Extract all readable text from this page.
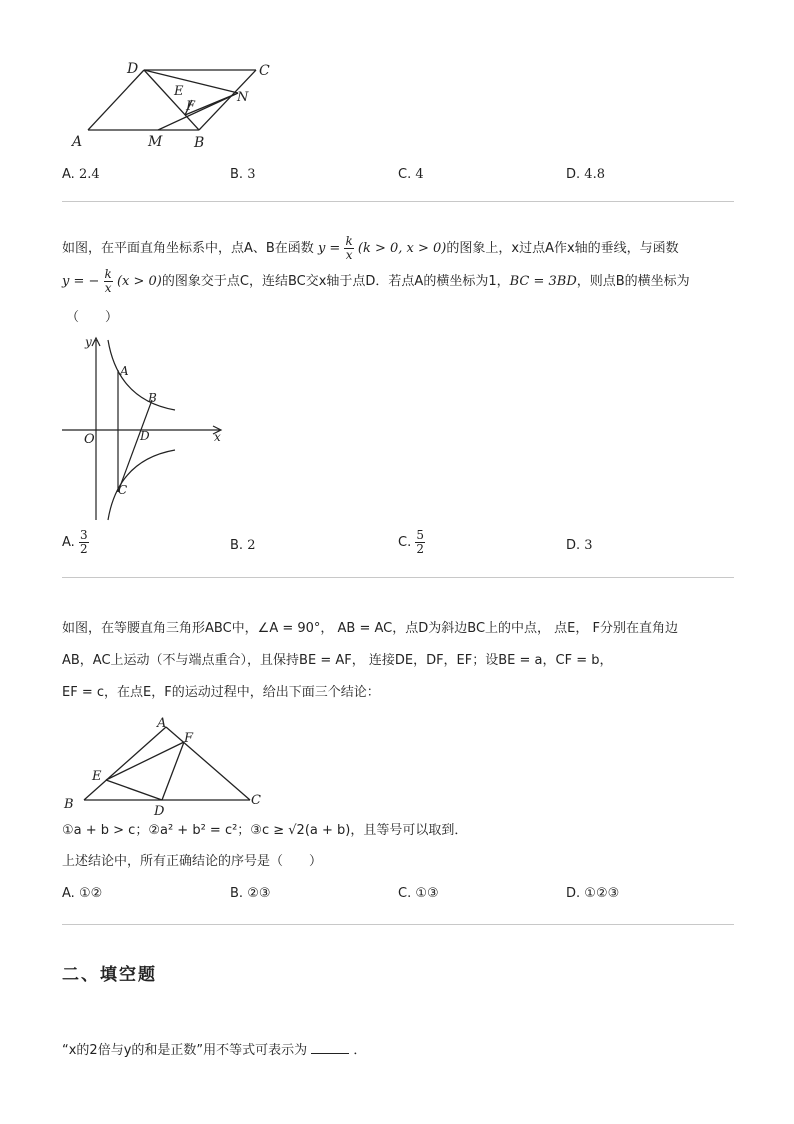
D	C
E	N
F
A	M B
A. 2.4	B. 3	C. 4	D. 4.8
如图，在平面直角坐标系中，点A、B在函数 $y = \frac{k}{x} (k > 0$, x > 0)的图象上，x过点A作x轴的垂线，与函数
y = − $\frac{k}{x} (x > 0)$的图象交于点C，连结BC交x轴于点D．若点A的横坐标为1，BC = 3BD，则点B的横坐标为
（　　）
y
x
O
A
B
D
C
A. $\frac{3}{2}$	B. 2	C. $\frac{5}{2}$	D. 3
如图，在等腰直角三角形ABC中，∠A = 90°， AB = AC，点D为斜边BC上的中点， 点E， F分别在直角边
AB，AC上运动（不与端点重合），且保持BE = AF， 连接DE，DF，EF；设BE = a，CF = b，
EF = c，在点E，F的运动过程中，给出下面三个结论：
A
F
E
B	D
C
①a + b > c；②a² + b² = c²；③c ≥ √2(a + b)，且等号可以取到．
上述结论中，所有正确结论的序号是（　　）
A. ①②	B. ②③	C. ①③	D. ①②③
二、填空题
“x的2倍与y的和是正数”用不等式可表示为	．
